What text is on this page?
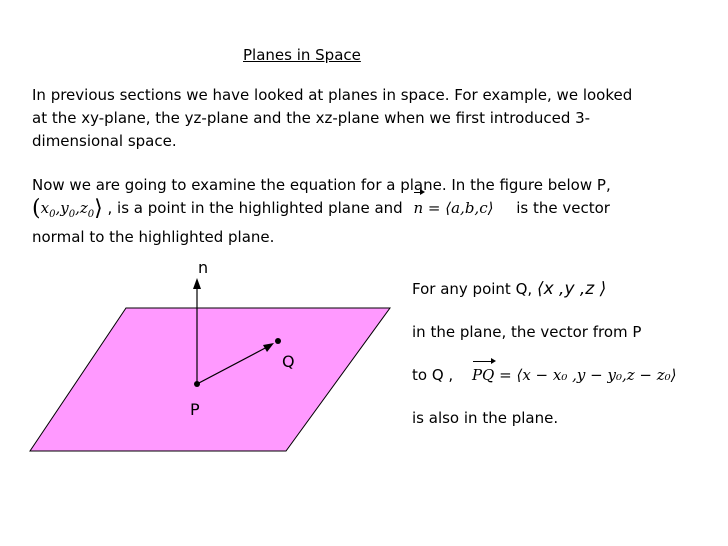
Planes in Space
In previous sections we have looked at planes in space. For example, we looked
at the xy-plane, the yz-plane and the xz-plane when we first introduced 3-
dimensional space.
Now we are going to examine the equation for a plane. In the figure below P,
($x_0,y_0,z_0⟩$ , is a point in the highlighted plane and n = ⟨a,b,c⟩ is the vector
normal to the highlighted plane.
n
Q
P
For any point Q, ⟨x ,y ,z ⟩
in the plane, the vector from P
to Q , PQ = ⟨x − x₀ ,y − y₀,z − z₀⟩
is also in the plane.
